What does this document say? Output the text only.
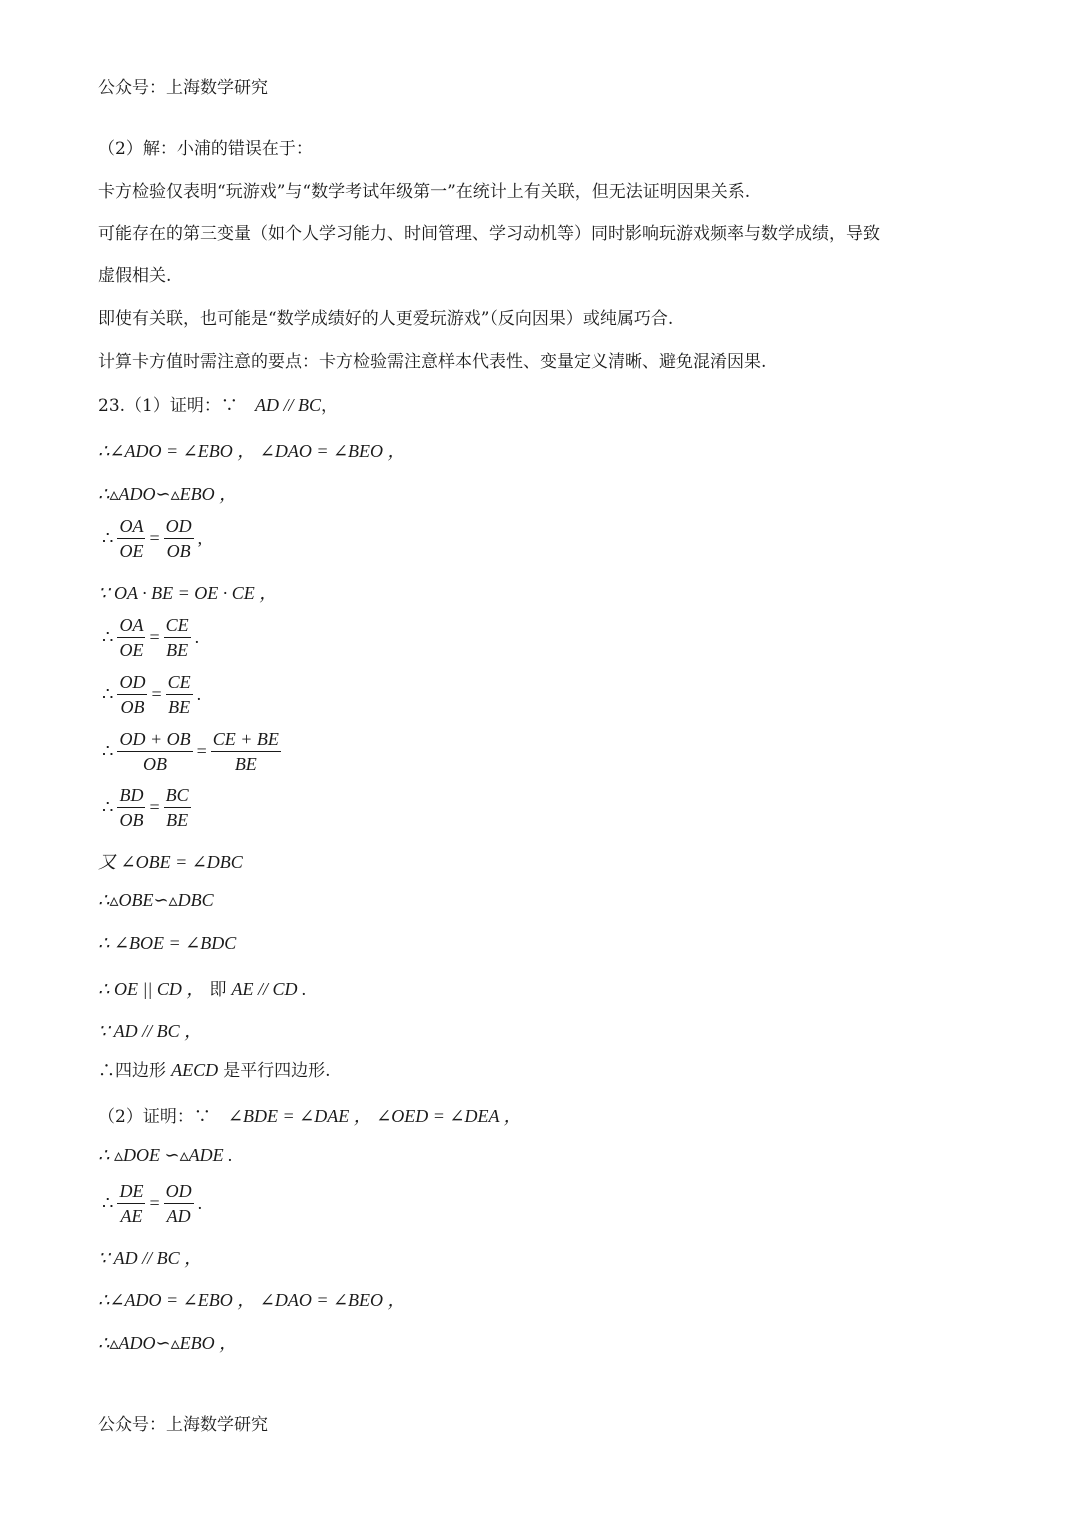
公众号：上海数学研究
（2）解：小浦的错误在于：
卡方检验仅表明“玩游戏”与“数学考试年级第一”在统计上有关联，但无法证明因果关系.
可能存在的第三变量（如个人学习能力、时间管理、学习动机等）同时影响玩游戏频率与数学成绩，导致
虚假相关.
即使有关联，也可能是“数学成绩好的人更爱玩游戏”（反向因果）或纯属巧合.
计算卡方值时需注意的要点：卡方检验需注意样本代表性、变量定义清晰、避免混淆因果.
23.（1）证明：∵ AD // BC，
∴∠ADO = ∠EBO ， ∠DAO = ∠BEO ，
∴▵ADO∽▵EBO ，
∴ $\frac{OA}{OE} = \frac{OD}{OB}$ ,
∵ OA · BE = OE · CE ，
∴ $\frac{OA}{OE} = \frac{CE}{BE}$ .
∴ $\frac{OD}{OB} = \frac{CE}{BE}$ .
∴ $\frac{OD + OB}{OB} = \frac{CE + BE}{BE}$
∴ $\frac{BD}{OB} = \frac{BC}{BE}$
又 ∠OBE = ∠DBC
∴▵OBE∽▵DBC
∴ ∠BOE = ∠BDC
∴ OE || CD ， 即 AE // CD .
∵ AD // BC ，
∴四边形 AECD 是平行四边形.
（2）证明：∵ ∠BDE = ∠DAE ， ∠OED = ∠DEA ，
∴ ▵DOE ∽▵ADE .
∴ $\frac{DE}{AE} = \frac{OD}{AD}$ .
∵ AD // BC ，
∴∠ADO = ∠EBO ， ∠DAO = ∠BEO ，
∴▵ADO∽▵EBO ，
公众号：上海数学研究
